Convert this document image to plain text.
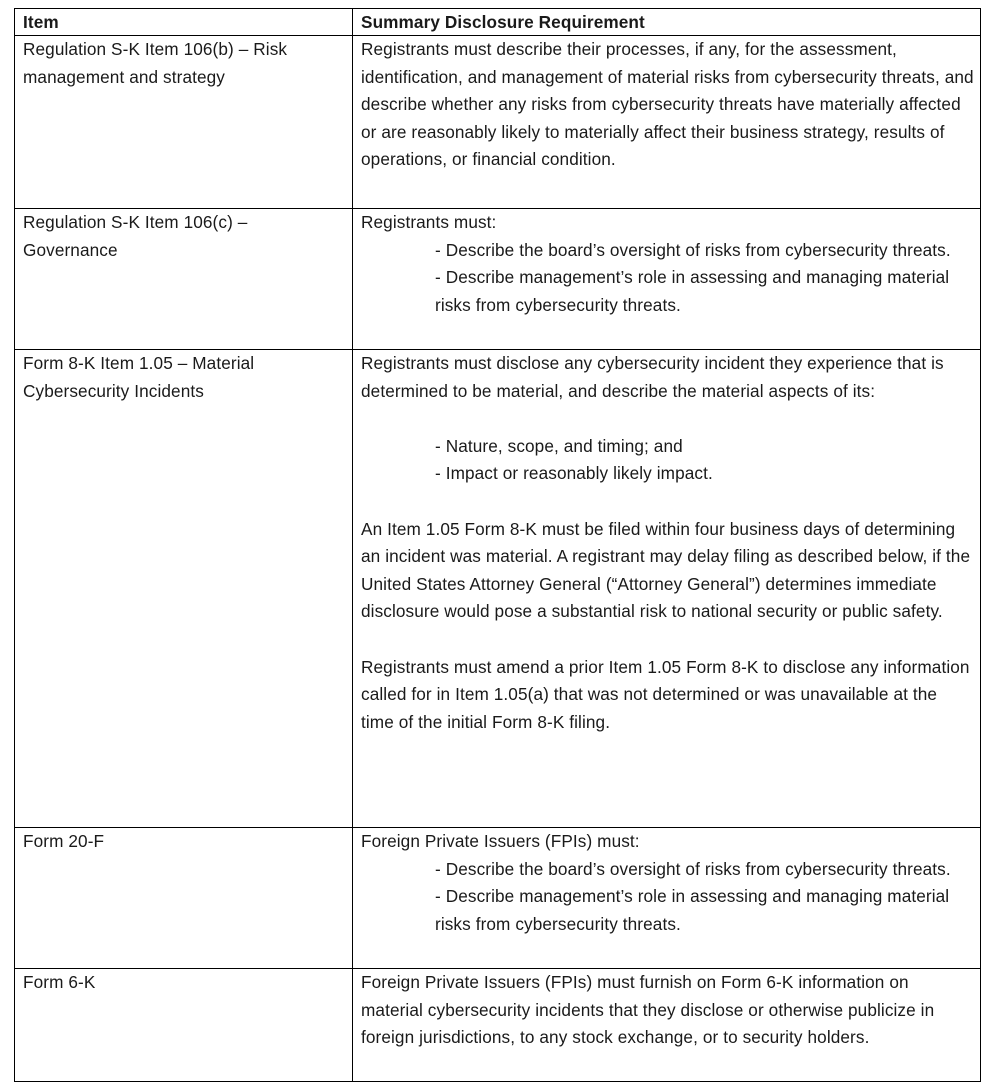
Item	Summary Disclosure Requirement

Regulation S-K Item 106(b) – Risk management and strategy	Registrants must describe their processes, if any, for the assessment, identification, and management of material risks from cybersecurity threats, and describe whether any risks from cybersecurity threats have materially affected or are reasonably likely to materially affect their business strategy, results of operations, or financial condition.

Regulation S-K Item 106(c) – Governance	Registrants must:

- Describe the board’s oversight of risks from cybersecurity threats.

- Describe management’s role in assessing and managing material risks from cybersecurity threats.

Form 8-K Item 1.05 – Material Cybersecurity Incidents	Registrants must disclose any cybersecurity incident they experience that is determined to be material, and describe the material aspects of its:

- Nature, scope, and timing; and

- Impact or reasonably likely impact.

An Item 1.05 Form 8-K must be filed within four business days of determining an incident was material. A registrant may delay filing as described below, if the United States Attorney General (“Attorney General”) determines immediate disclosure would pose a substantial risk to national security or public safety.

Registrants must amend a prior Item 1.05 Form 8-K to disclose any information called for in Item 1.05(a) that was not determined or was unavailable at the time of the initial Form 8-K filing.

Form 20-F	Foreign Private Issuers (FPIs) must:

- Describe the board’s oversight of risks from cybersecurity threats.

- Describe management’s role in assessing and managing material risks from cybersecurity threats.

Form 6-K	Foreign Private Issuers (FPIs) must furnish on Form 6-K information on material cybersecurity incidents that they disclose or otherwise publicize in foreign jurisdictions, to any stock exchange, or to security holders.
